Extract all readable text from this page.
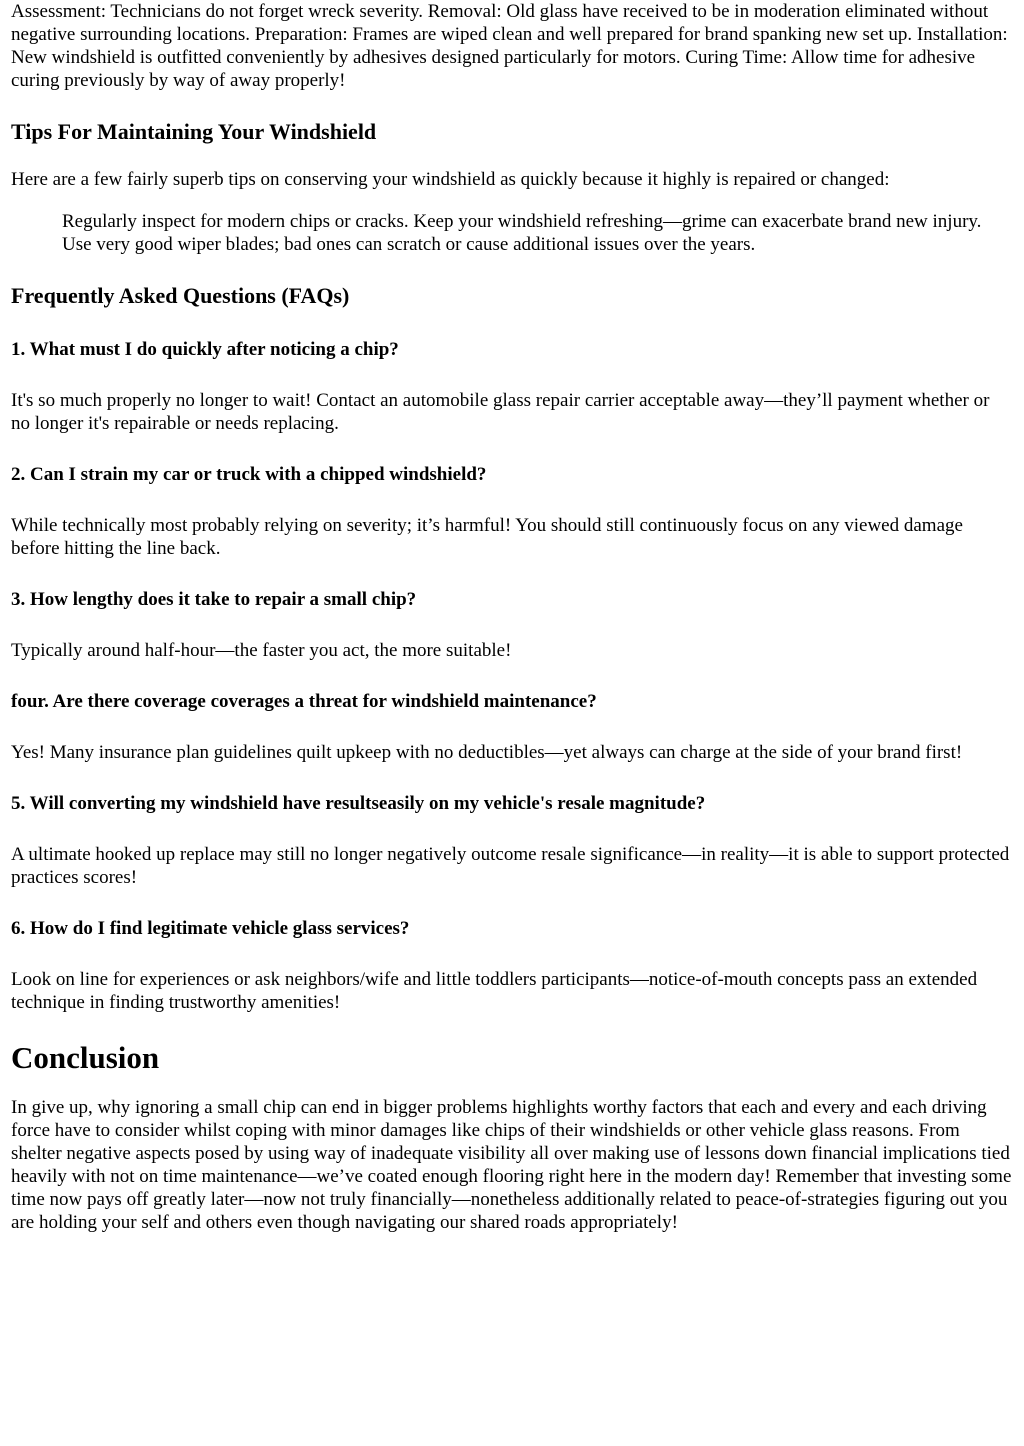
Assessment: Technicians do not forget wreck severity. Removal: Old glass have received to be in moderation eliminated without negative surrounding locations. Preparation: Frames are wiped clean and well prepared for brand spanking new set up. Installation: New windshield is outfitted conveniently by adhesives designed particularly for motors. Curing Time: Allow time for adhesive curing previously by way of away properly!

Tips For Maintaining Your Windshield

Here are a few fairly superb tips on conserving your windshield as quickly because it highly is repaired or changed:

Regularly inspect for modern chips or cracks. Keep your windshield refreshing—grime can exacerbate brand new injury. Use very good wiper blades; bad ones can scratch or cause additional issues over the years.
Frequently Asked Questions (FAQs)
1. What must I do quickly after noticing a chip?

It's so much properly no longer to wait! Contact an automobile glass repair carrier acceptable away—they’ll payment whether or no longer it's repairable or needs replacing.

2. Can I strain my car or truck with a chipped windshield?

While technically most probably relying on severity; it’s harmful! You should still continuously focus on any viewed damage before hitting the line back.

3. How lengthy does it take to repair a small chip?

Typically around half-hour—the faster you act, the more suitable!

four. Are there coverage coverages a threat for windshield maintenance?

Yes! Many insurance plan guidelines quilt upkeep with no deductibles—yet always can charge at the side of your brand first!

5. Will converting my windshield have resultseasily on my vehicle's resale magnitude?

A ultimate hooked up replace may still no longer negatively outcome resale significance—in reality—it is able to support protected practices scores!

6. How do I find legitimate vehicle glass services?

Look on line for experiences or ask neighbors/wife and little toddlers participants—notice-of-mouth concepts pass an extended technique in finding trustworthy amenities!

Conclusion

In give up, why ignoring a small chip can end in bigger problems highlights worthy factors that each and every and each driving force have to consider whilst coping with minor damages like chips of their windshields or other vehicle glass reasons. From shelter negative aspects posed by using way of inadequate visibility all over making use of lessons down financial implications tied heavily with not on time maintenance—we’ve coated enough flooring right here in the modern day! Remember that investing some time now pays off greatly later—now not truly financially—nonetheless additionally related to peace-of-strategies figuring out you are holding your self and others even though navigating our shared roads appropriately!
